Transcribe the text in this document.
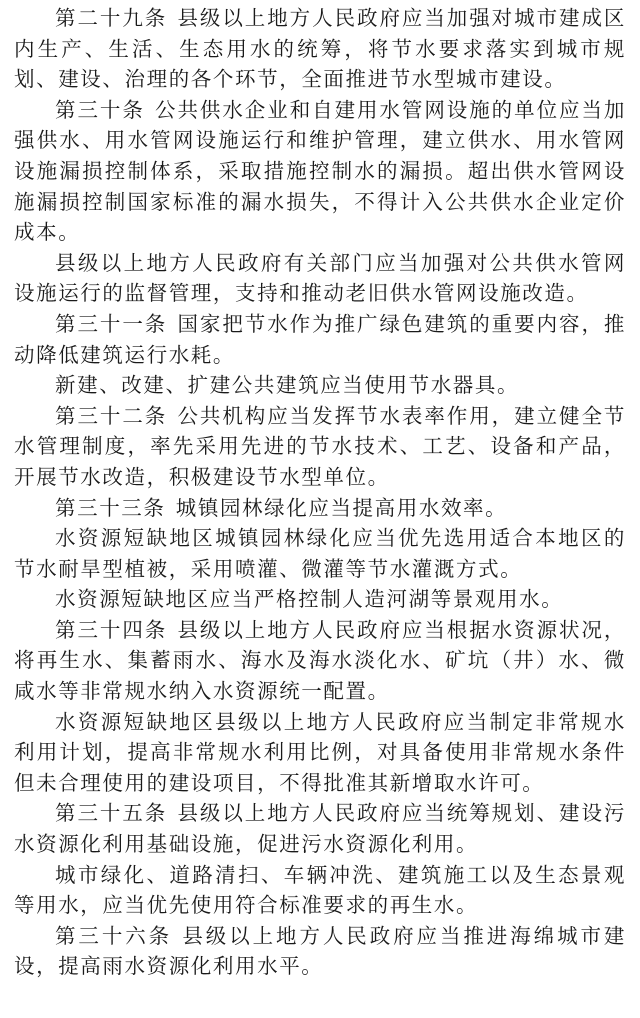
第二十九条 县级以上地方人民政府应当加强对城市建成区内生产、生活、生态用水的统筹，将节水要求落实到城市规划、建设、治理的各个环节，全面推进节水型城市建设。

第三十条 公共供水企业和自建用水管网设施的单位应当加强供水、用水管网设施运行和维护管理，建立供水、用水管网设施漏损控制体系，采取措施控制水的漏损。超出供水管网设施漏损控制国家标准的漏水损失，不得计入公共供水企业定价成本。

县级以上地方人民政府有关部门应当加强对公共供水管网设施运行的监督管理，支持和推动老旧供水管网设施改造。

第三十一条 国家把节水作为推广绿色建筑的重要内容，推动降低建筑运行水耗。

新建、改建、扩建公共建筑应当使用节水器具。

第三十二条 公共机构应当发挥节水表率作用，建立健全节水管理制度，率先采用先进的节水技术、工艺、设备和产品，开展节水改造，积极建设节水型单位。

第三十三条 城镇园林绿化应当提高用水效率。

水资源短缺地区城镇园林绿化应当优先选用适合本地区的节水耐旱型植被，采用喷灌、微灌等节水灌溉方式。

水资源短缺地区应当严格控制人造河湖等景观用水。

第三十四条 县级以上地方人民政府应当根据水资源状况，将再生水、集蓄雨水、海水及海水淡化水、矿坑（井）水、微咸水等非常规水纳入水资源统一配置。

水资源短缺地区县级以上地方人民政府应当制定非常规水利用计划，提高非常规水利用比例，对具备使用非常规水条件但未合理使用的建设项目，不得批准其新增取水许可。

第三十五条 县级以上地方人民政府应当统筹规划、建设污水资源化利用基础设施，促进污水资源化利用。

城市绿化、道路清扫、车辆冲洗、建筑施工以及生态景观等用水，应当优先使用符合标准要求的再生水。

第三十六条 县级以上地方人民政府应当推进海绵城市建设，提高雨水资源化利用水平。
